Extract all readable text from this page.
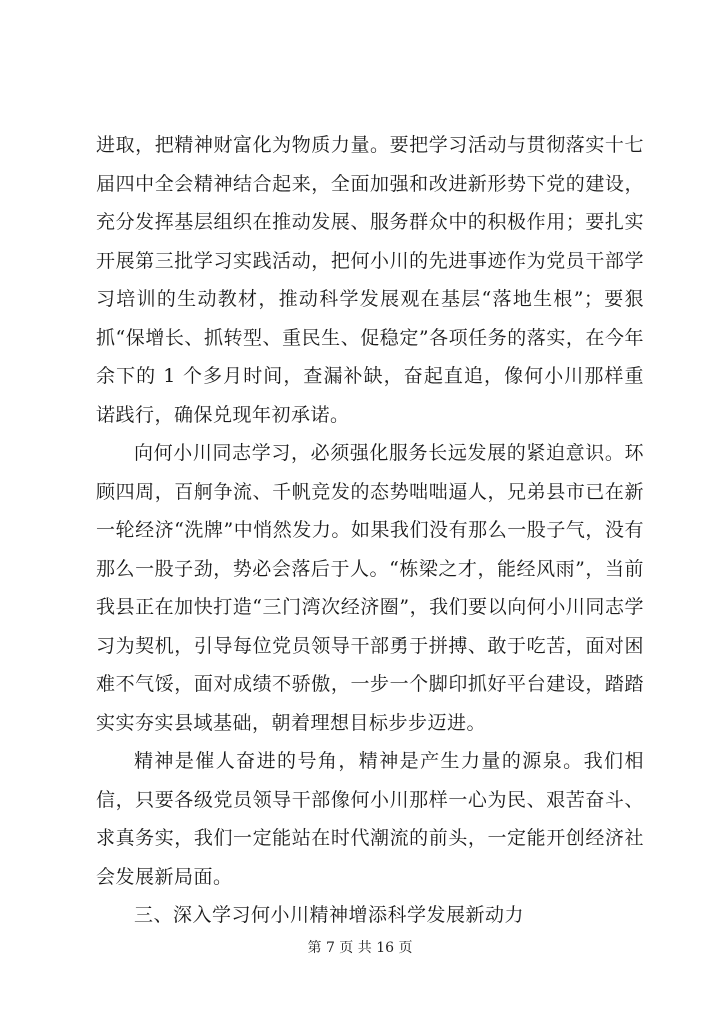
进取，把精神财富化为物质力量。要把学习活动与贯彻落实十七届四中全会精神结合起来，全面加强和改进新形势下党的建设，充分发挥基层组织在推动发展、服务群众中的积极作用；要扎实开展第三批学习实践活动，把何小川的先进事迹作为党员干部学习培训的生动教材，推动科学发展观在基层“落地生根”；要狠抓“保增长、抓转型、重民生、促稳定”各项任务的落实，在今年余下的 1 个多月时间，查漏补缺，奋起直追，像何小川那样重诺践行，确保兑现年初承诺。

向何小川同志学习，必须强化服务长远发展的紧迫意识。环顾四周，百舸争流、千帆竞发的态势咄咄逼人，兄弟县市已在新一轮经济“洗牌”中悄然发力。如果我们没有那么一股子气，没有那么一股子劲，势必会落后于人。“栋梁之才，能经风雨”，当前我县正在加快打造“三门湾次经济圈”，我们要以向何小川同志学习为契机，引导每位党员领导干部勇于拼搏、敢于吃苦，面对困难不气馁，面对成绩不骄傲，一步一个脚印抓好平台建设，踏踏实实夯实县域基础，朝着理想目标步步迈进。

精神是催人奋进的号角，精神是产生力量的源泉。我们相信，只要各级党员领导干部像何小川那样一心为民、艰苦奋斗、求真务实，我们一定能站在时代潮流的前头，一定能开创经济社会发展新局面。

三、深入学习何小川精神增添科学发展新动力

第 7 页 共 16 页
